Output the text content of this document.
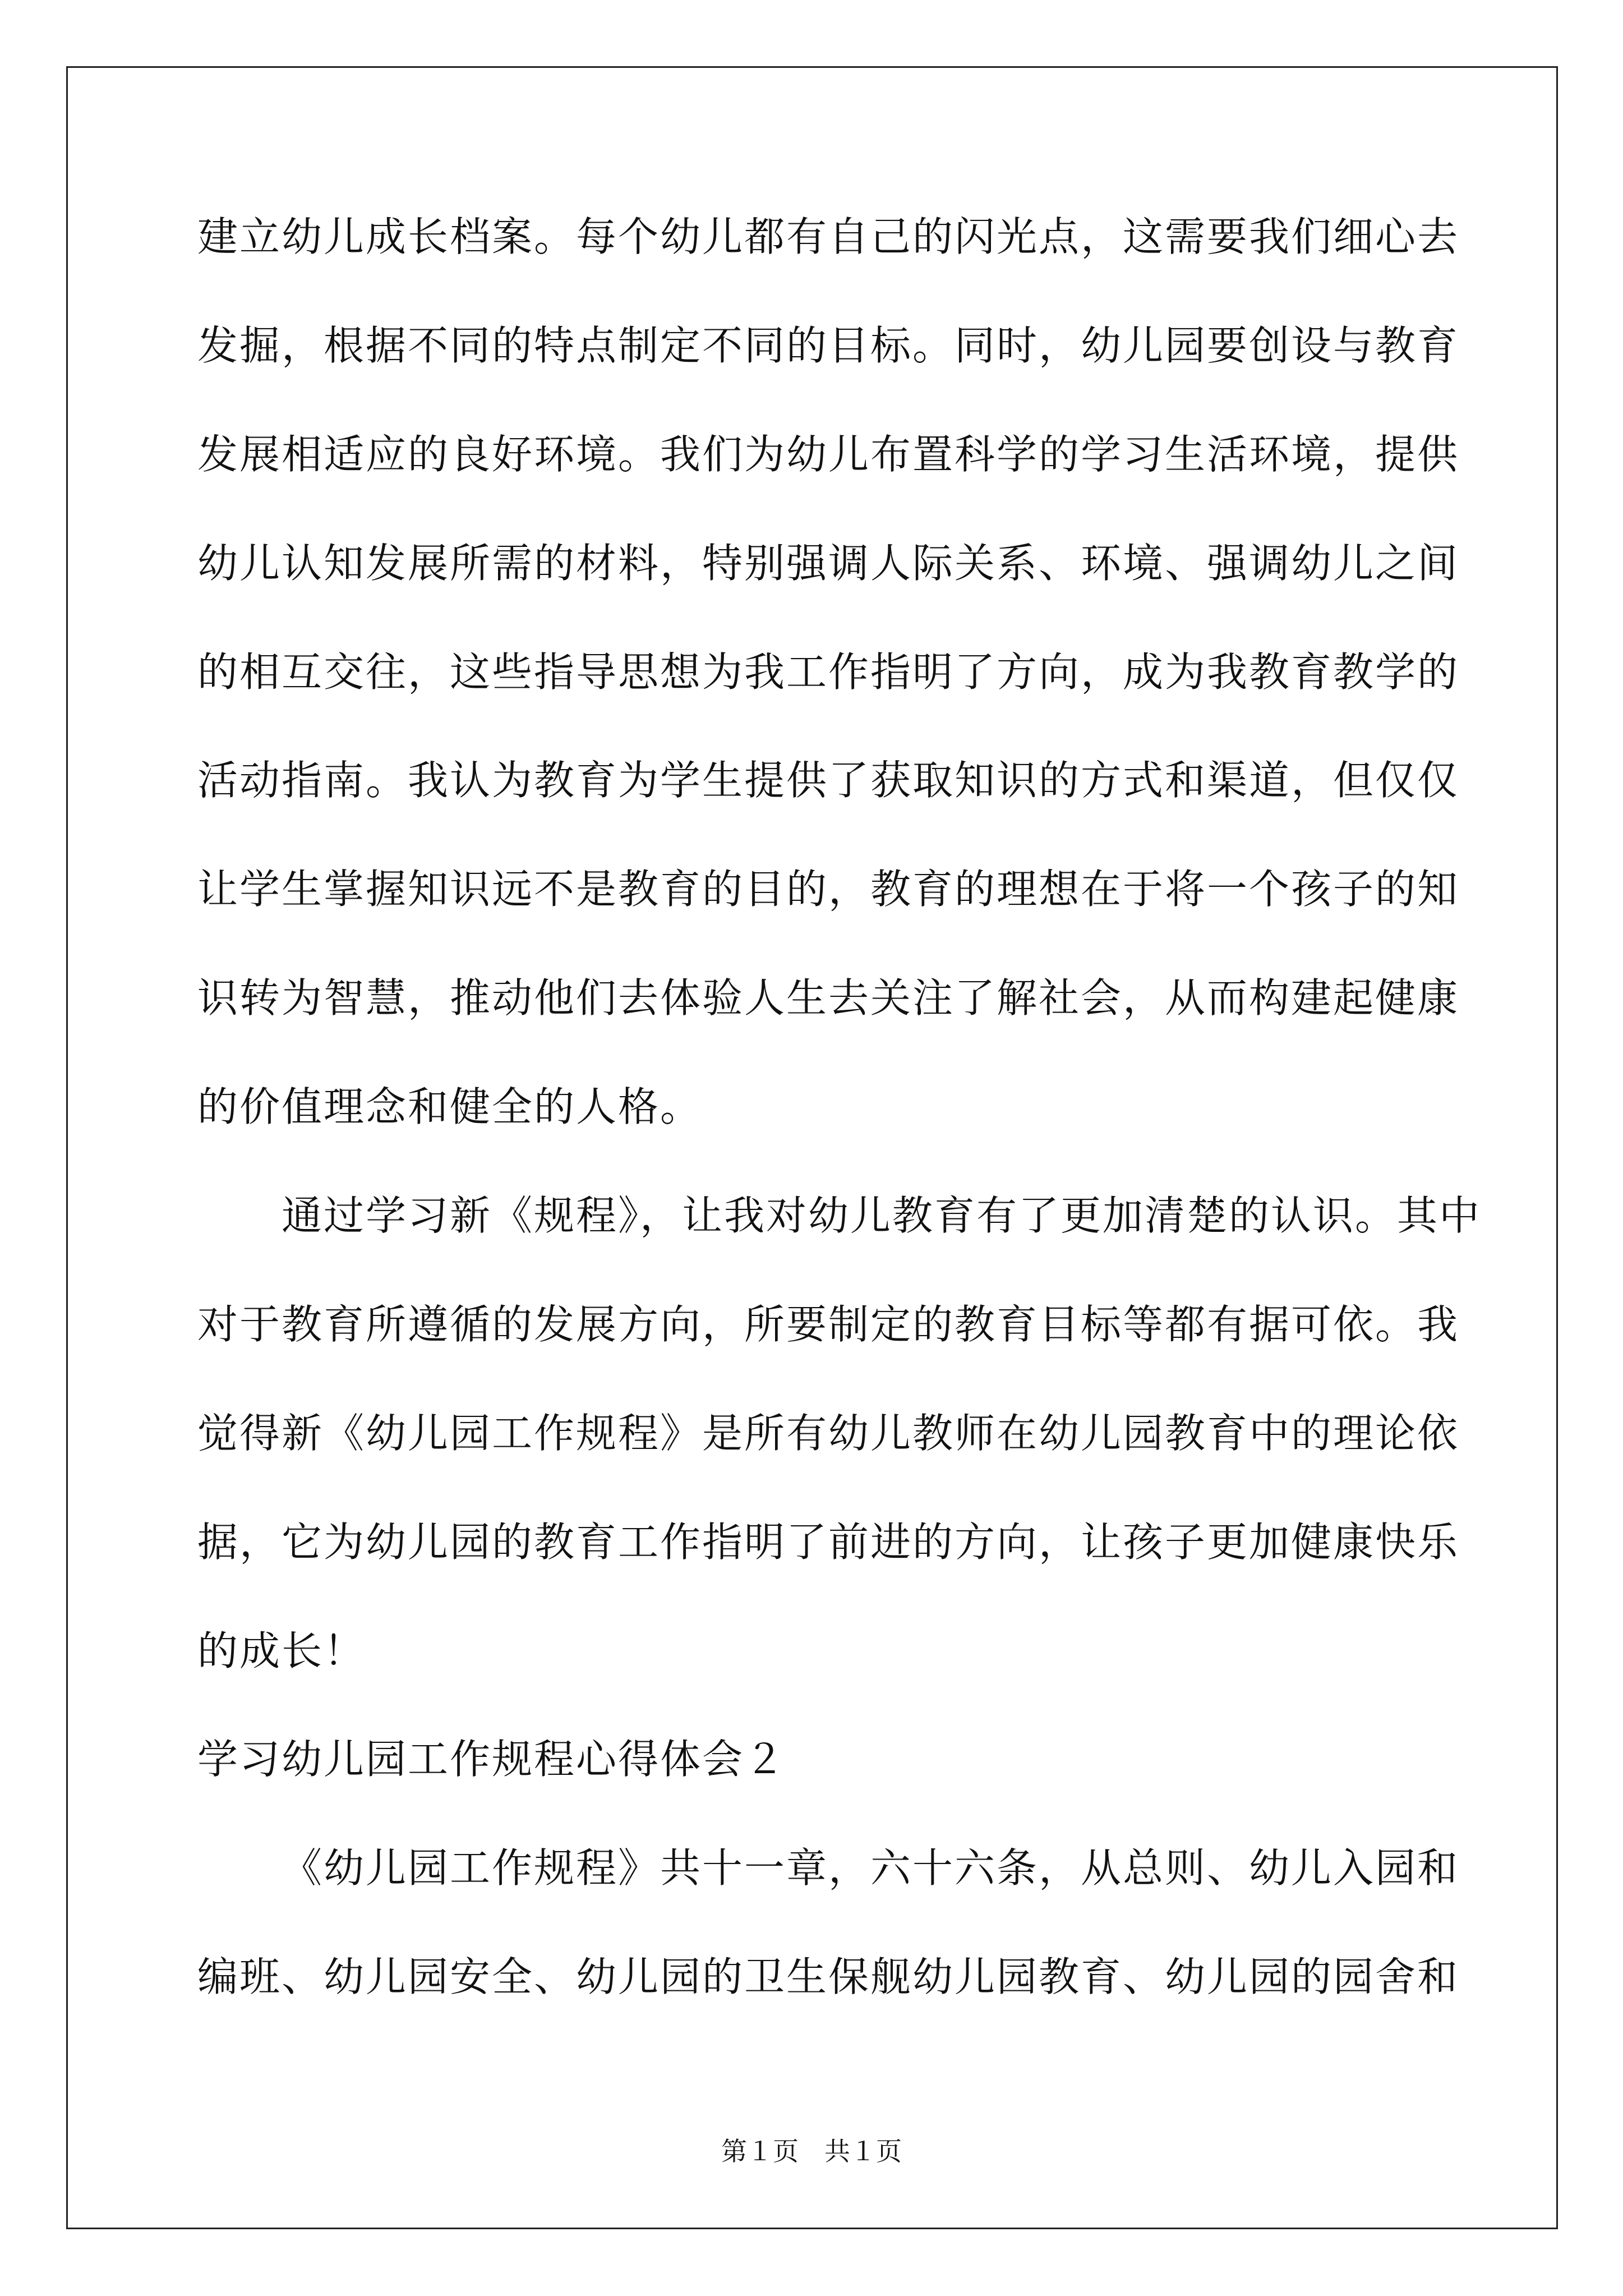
建立幼儿成长档案。每个幼儿都有自己的闪光点，这需要我们细心去
发掘，根据不同的特点制定不同的目标。同时，幼儿园要创设与教育
发展相适应的良好环境。我们为幼儿布置科学的学习生活环境，提供
幼儿认知发展所需的材料，特别强调人际关系、环境、强调幼儿之间
的相互交往，这些指导思想为我工作指明了方向，成为我教育教学的
活动指南。我认为教育为学生提供了获取知识的方式和渠道，但仅仅
让学生掌握知识远不是教育的目的，教育的理想在于将一个孩子的知
识转为智慧，推动他们去体验人生去关注了解社会，从而构建起健康
的价值理念和健全的人格。
通过学习新《规程》，让我对幼儿教育有了更加清楚的认识。其中
对于教育所遵循的发展方向，所要制定的教育目标等都有据可依。我
觉得新《幼儿园工作规程》是所有幼儿教师在幼儿园教育中的理论依
据，它为幼儿园的教育工作指明了前进的方向，让孩子更加健康快乐
的成长！
学习幼儿园工作规程心得体会２
《幼儿园工作规程》共十一章，六十六条，从总则、幼儿入园和
编班、幼儿园安全、幼儿园的卫生保舰幼儿园教育、幼儿园的园舍和
第１页　共１页
